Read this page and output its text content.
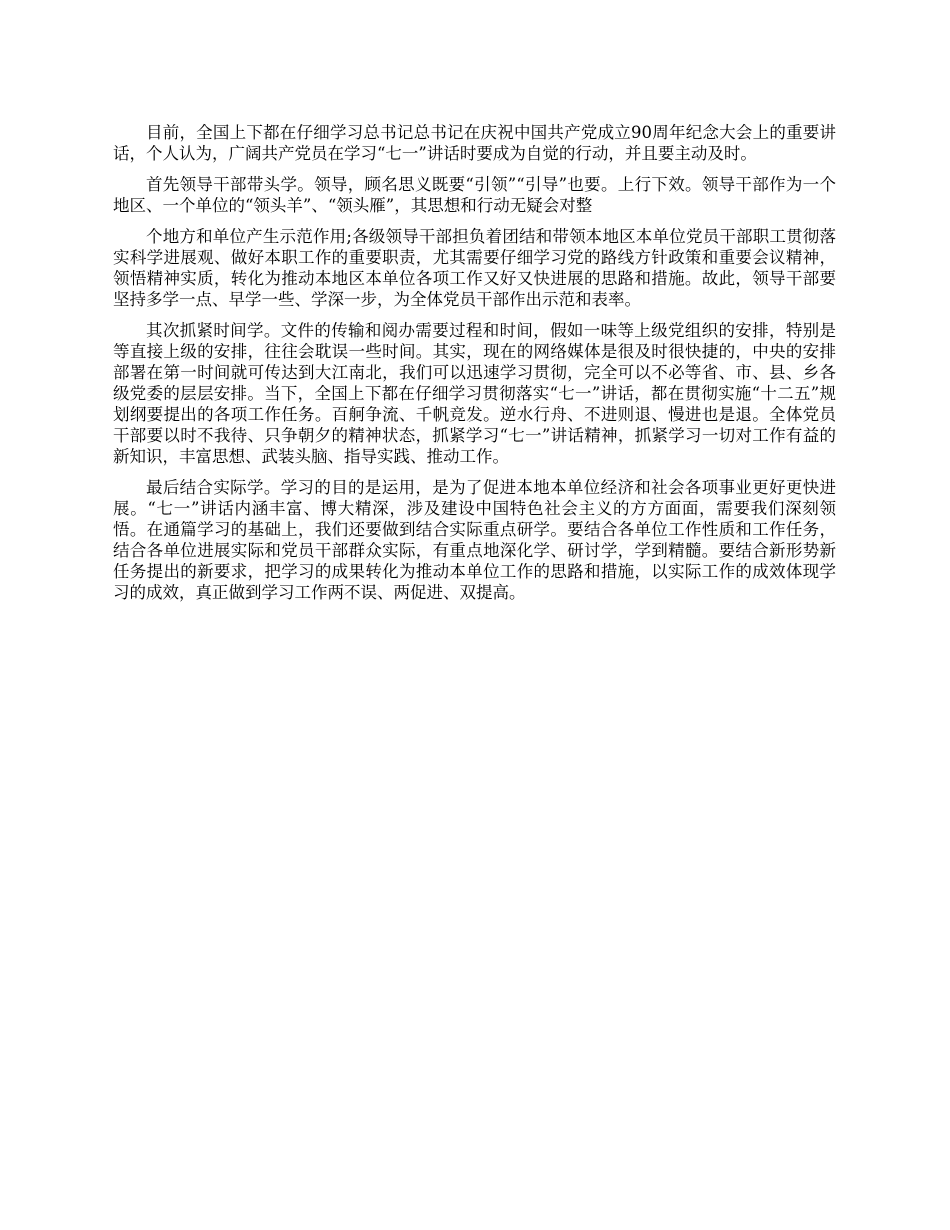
目前，全国上下都在仔细学习总书记总书记在庆祝中国共产党成立90周年纪念大会上的重要讲话，个人认为，广阔共产党员在学习“七一”讲话时要成为自觉的行动，并且要主动及时。

首先领导干部带头学。领导，顾名思义既要“引领”“引导”也要。上行下效。领导干部作为一个地区、一个单位的“领头羊”、“领头雁”，其思想和行动无疑会对整

个地方和单位产生示范作用;各级领导干部担负着团结和带领本地区本单位党员干部职工贯彻落实科学进展观、做好本职工作的重要职责，尤其需要仔细学习党的路线方针政策和重要会议精神，领悟精神实质，转化为推动本地区本单位各项工作又好又快进展的思路和措施。故此，领导干部要坚持多学一点、早学一些、学深一步，为全体党员干部作出示范和表率。

其次抓紧时间学。文件的传输和阅办需要过程和时间，假如一味等上级党组织的安排，特别是等直接上级的安排，往往会耽误一些时间。其实，现在的网络媒体是很及时很快捷的，中央的安排部署在第一时间就可传达到大江南北，我们可以迅速学习贯彻，完全可以不必等省、市、县、乡各级党委的层层安排。当下，全国上下都在仔细学习贯彻落实“七一”讲话，都在贯彻实施“十二五”规划纲要提出的各项工作任务。百舸争流、千帆竞发。逆水行舟、不进则退、慢进也是退。全体党员干部要以时不我待、只争朝夕的精神状态，抓紧学习“七一”讲话精神，抓紧学习一切对工作有益的新知识，丰富思想、武装头脑、指导实践、推动工作。

最后结合实际学。学习的目的是运用，是为了促进本地本单位经济和社会各项事业更好更快进展。“七一”讲话内涵丰富、博大精深，涉及建设中国特色社会主义的方方面面，需要我们深刻领悟。在通篇学习的基础上，我们还要做到结合实际重点研学。要结合各单位工作性质和工作任务，结合各单位进展实际和党员干部群众实际，有重点地深化学、研讨学，学到精髓。要结合新形势新任务提出的新要求，把学习的成果转化为推动本单位工作的思路和措施，以实际工作的成效体现学习的成效，真正做到学习工作两不误、两促进、双提高。
